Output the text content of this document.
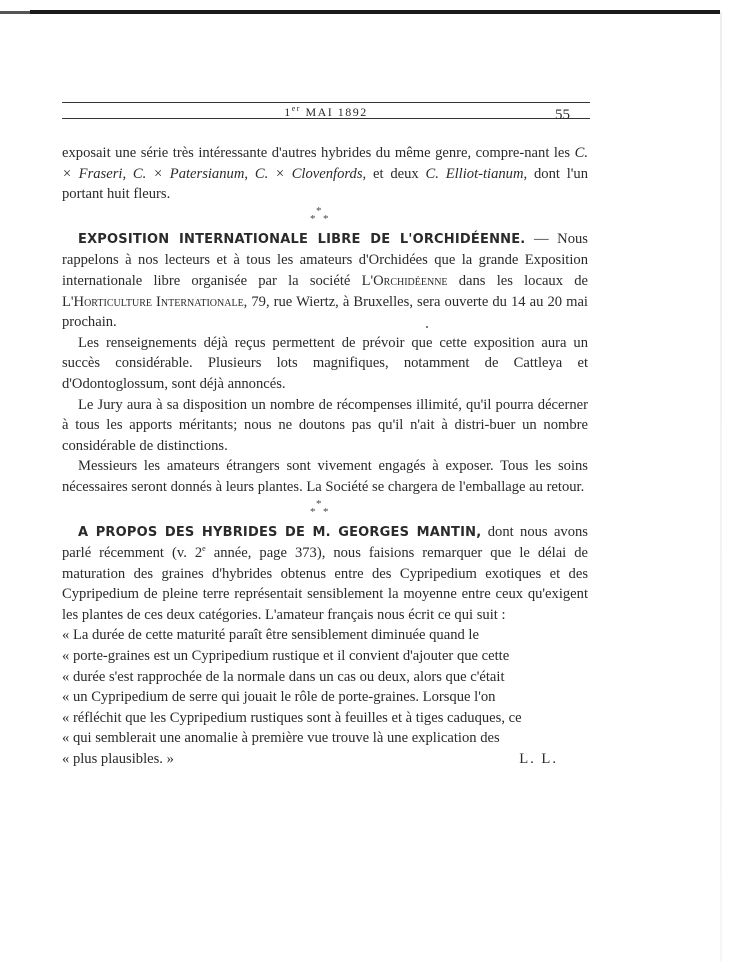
1er MAI 1892	55

exposait une série très intéressante d'autres hybrides du même genre, compre-nant les C. × Fraseri, C. × Patersianum, C. × Clovenfords, et deux C. Elliot-tianum, dont l'un portant huit fleurs.

*
* *

EXPOSITION INTERNATIONALE LIBRE DE L'ORCHIDÉENNE. — Nous rappelons à nos lecteurs et à tous les amateurs d'Orchidées que la grande Exposition internationale libre organisée par la société L'Orchidéenne dans les locaux de L'Horticulture Internationale, 79, rue Wiertz, à Bruxelles, sera ouverte du 14 au 20 mai prochain.

Les renseignements déjà reçus permettent de prévoir que cette exposition aura un succès considérable. Plusieurs lots magnifiques, notamment de Cattleya et d'Odontoglossum, sont déjà annoncés.

Le Jury aura à sa disposition un nombre de récompenses illimité, qu'il pourra décerner à tous les apports méritants; nous ne doutons pas qu'il n'ait à distri-buer un nombre considérable de distinctions.

Messieurs les amateurs étrangers sont vivement engagés à exposer. Tous les soins nécessaires seront donnés à leurs plantes. La Société se chargera de l'emballage au retour.

*
* *

A PROPOS DES HYBRIDES DE M. GEORGES MANTIN, dont nous avons parlé récemment (v. 2e année, page 373), nous faisions remarquer que le délai de maturation des graines d'hybrides obtenus entre des Cypripedium exotiques et des Cypripedium de pleine terre représentait sensiblement la moyenne entre ceux qu'exigent les plantes de ces deux catégories. L'amateur français nous écrit ce qui suit :

« La durée de cette maturité paraît être sensiblement diminuée quand le

« porte-graines est un Cypripedium rustique et il convient d'ajouter que cette

« durée s'est rapprochée de la normale dans un cas ou deux, alors que c'était

« un Cypripedium de serre qui jouait le rôle de porte-graines. Lorsque l'on

« réfléchit que les Cypripedium rustiques sont à feuilles et à tiges caduques, ce

« qui semblerait une anomalie à première vue trouve là une explication des

« plus plausibles. »	L. L.
